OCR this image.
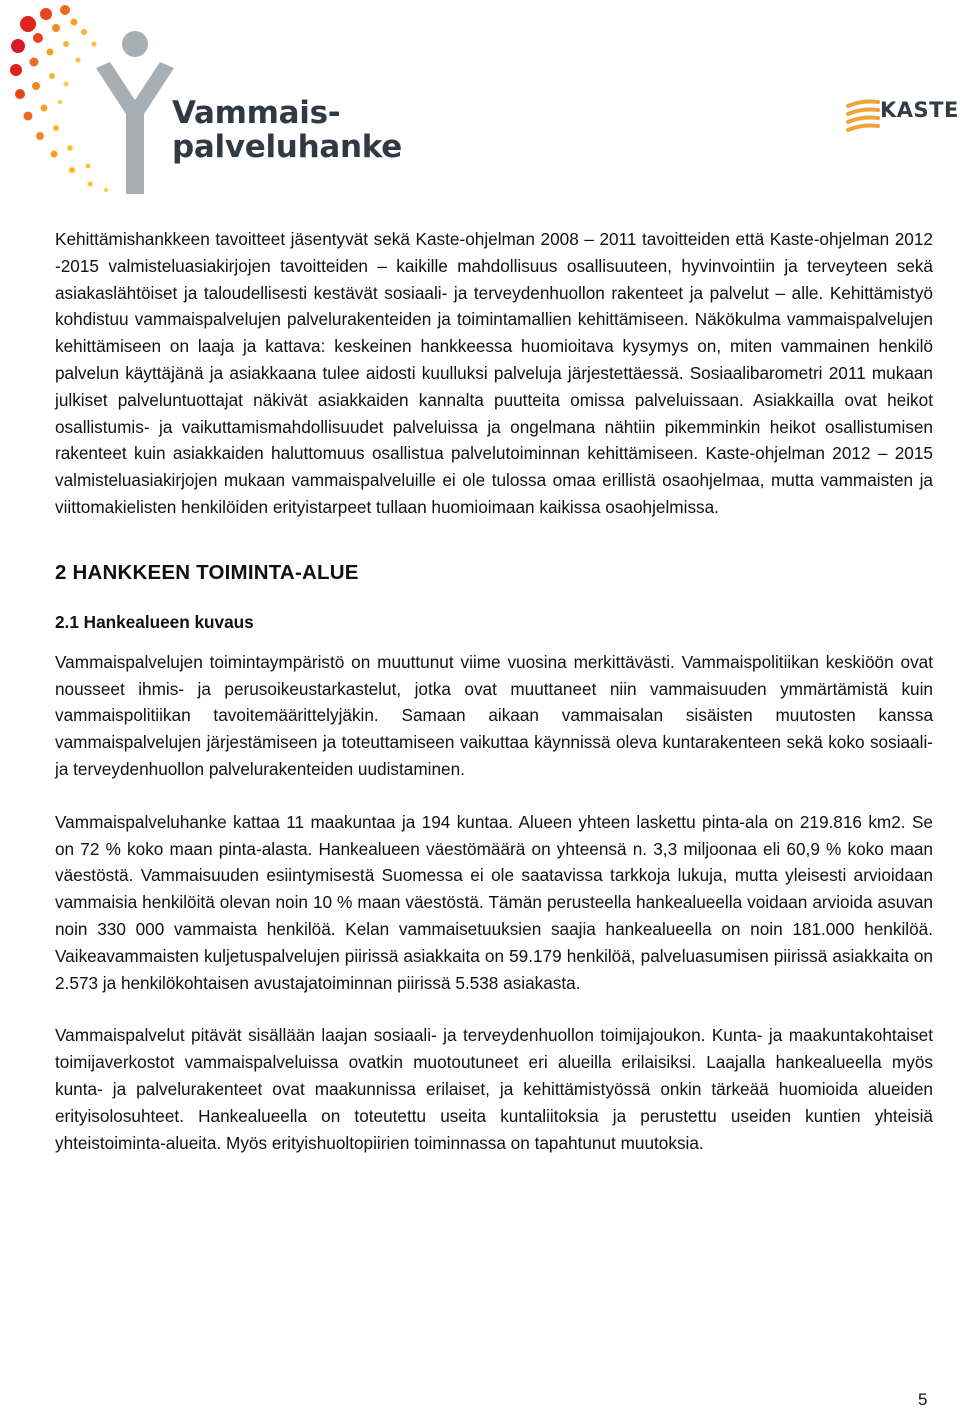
Vammais-
palveluhanke
KASTE

Kehittämishankkeen tavoitteet jäsentyvät sekä Kaste-ohjelman 2008 – 2011 tavoitteiden että Kaste-ohjelman 2012 -2015 valmisteluasiakirjojen tavoitteiden – kaikille mahdollisuus osallisuuteen, hyvinvointiin ja terveyteen sekä asiakaslähtöiset ja taloudellisesti kestävät sosiaali- ja terveydenhuollon rakenteet ja palvelut – alle. Kehittämistyö kohdistuu vammaispalvelujen palvelurakenteiden ja toimintamallien kehittämiseen. Näkökulma vammaispalvelujen kehittämiseen on laaja ja kattava: keskeinen hankkeessa huomioitava kysymys on, miten vammainen henkilö palvelun käyttäjänä ja asiakkaana tulee aidosti kuulluksi palveluja järjestettäessä. Sosiaalibarometri 2011 mukaan julkiset palveluntuottajat näkivät asiakkaiden kannalta puutteita omissa palveluissaan. Asiakkailla ovat heikot osallistumis- ja vaikuttamismahdollisuudet palveluissa ja ongelmana nähtiin pikemminkin heikot osallistumisen rakenteet kuin asiakkaiden haluttomuus osallistua palvelutoiminnan kehittämiseen. Kaste-ohjelman 2012 – 2015 valmisteluasiakirjojen mukaan vammaispalveluille ei ole tulossa omaa erillistä osaohjelmaa, mutta vammaisten ja viittomakielisten henkilöiden erityistarpeet tullaan huomioimaan kaikissa osaohjelmissa.

2 HANKKEEN TOIMINTA-ALUE
2.1 Hankealueen kuvaus

Vammaispalvelujen toimintaympäristö on muuttunut viime vuosina merkittävästi. Vammaispolitiikan keskiöön ovat nousseet ihmis- ja perusoikeustarkastelut, jotka ovat muuttaneet niin vammaisuuden ymmärtämistä kuin vammaispolitiikan tavoitemäärittelyjäkin. Samaan aikaan vammaisalan sisäisten muutosten kanssa vammaispalvelujen järjestämiseen ja toteuttamiseen vaikuttaa käynnissä oleva kuntarakenteen sekä koko sosiaali- ja terveydenhuollon palvelurakenteiden uudistaminen.

Vammaispalveluhanke kattaa 11 maakuntaa ja 194 kuntaa. Alueen yhteen laskettu pinta-ala on 219.816 km2. Se on 72 % koko maan pinta-alasta. Hankealueen väestömäärä on yhteensä n. 3,3 miljoonaa eli 60,9 % koko maan väestöstä. Vammaisuuden esiintymisestä Suomessa ei ole saatavissa tarkkoja lukuja, mutta yleisesti arvioidaan vammaisia henkilöitä olevan noin 10 % maan väestöstä. Tämän perusteella hankealueella voidaan arvioida asuvan noin 330 000 vammaista henkilöä. Kelan vammaisetuuksien saajia hankealueella on noin 181.000 henkilöä. Vaikeavammaisten kuljetuspalvelujen piirissä asiakkaita on 59.179 henkilöä, palveluasumisen piirissä asiakkaita on 2.573 ja henkilökohtaisen avustajatoiminnan piirissä 5.538 asiakasta.

Vammaispalvelut pitävät sisällään laajan sosiaali- ja terveydenhuollon toimijajoukon. Kunta- ja maakuntakohtaiset toimijaverkostot vammaispalveluissa ovatkin muotoutuneet eri alueilla erilaisiksi. Laajalla hankealueella myös kunta- ja palvelurakenteet ovat maakunnissa erilaiset, ja kehittämistyössä onkin tärkeää huomioida alueiden erityisolosuhteet. Hankealueella on toteutettu useita kuntaliitoksia ja perustettu useiden kuntien yhteisiä yhteistoiminta-alueita. Myös erityishuoltopiirien toiminnassa on tapahtunut muutoksia.

5
